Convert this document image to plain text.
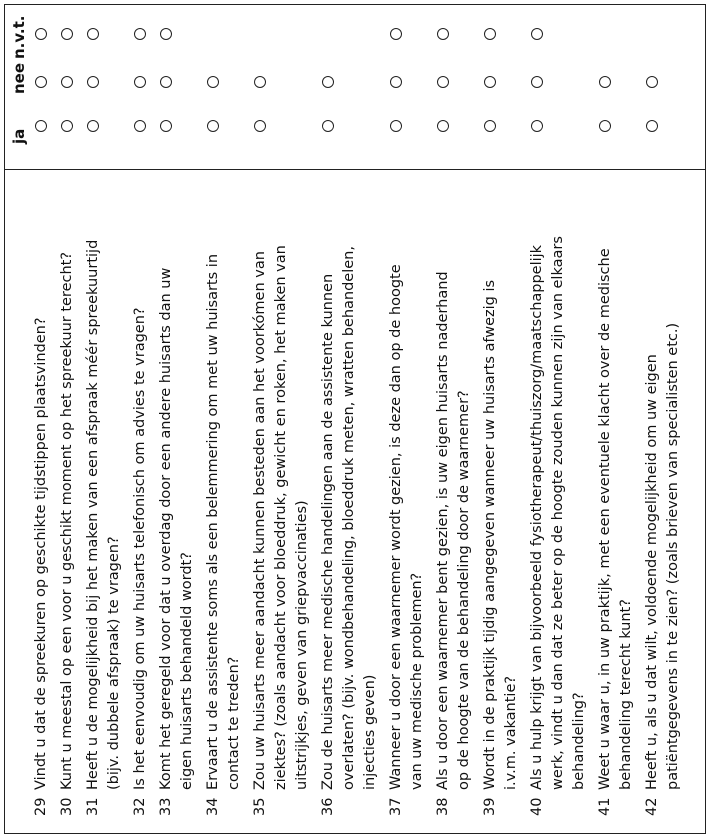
ja
nee
n.v.t.
29Vindt u dat de spreekuren op geschikte tijdstippen plaatsvinden?
30Kunt u meestal op een voor u geschikt moment op het spreekuur terecht?
31Heeft u de mogelijkheid bij het maken van een afspraak méér spreekuurtijd (bijv. dubbele afspraak) te vragen?
32Is het eenvoudig om uw huisarts telefonisch om advies te vragen?
33Komt het geregeld voor dat u overdag door een andere huisarts dan uw eigen huisarts behandeld wordt?
34Ervaart u de assistente soms als een belemmering om met uw huisarts in contact te treden?
35Zou uw huisarts meer aandacht kunnen besteden aan het voorkómen van ziektes? (zoals aandacht voor bloeddruk, gewicht en roken, het maken van uitstrijkjes, geven van griepvaccinaties)
36Zou de huisarts meer medische handelingen aan de assistente kunnen overlaten? (bijv. wondbehandeling, bloeddruk meten, wratten behandelen, injecties geven)
37Wanneer u door een waarnemer wordt gezien, is deze dan op de hoogte van uw medische problemen?
38Als u door een waarnemer bent gezien, is uw eigen huisarts naderhand op de hoogte van de behandeling door de waarnemer?
39Wordt in de praktijk tijdig aangegeven wanneer uw huisarts afwezig is i.v.m. vakantie?
40Als u hulp krijgt van bijvoorbeeld fysiotherapeut/thuiszorg/maatschappelijk werk, vindt u dan dat ze beter op de hoogte zouden kunnen zijn van elkaars behandeling?
41Weet u waar u, in uw praktijk, met een eventuele klacht over de medische behandeling terecht kunt?
42Heeft u, als u dat wilt, voldoende mogelijkheid om uw eigen patiëntgegevens in te zien? (zoals brieven van specialisten etc.)
